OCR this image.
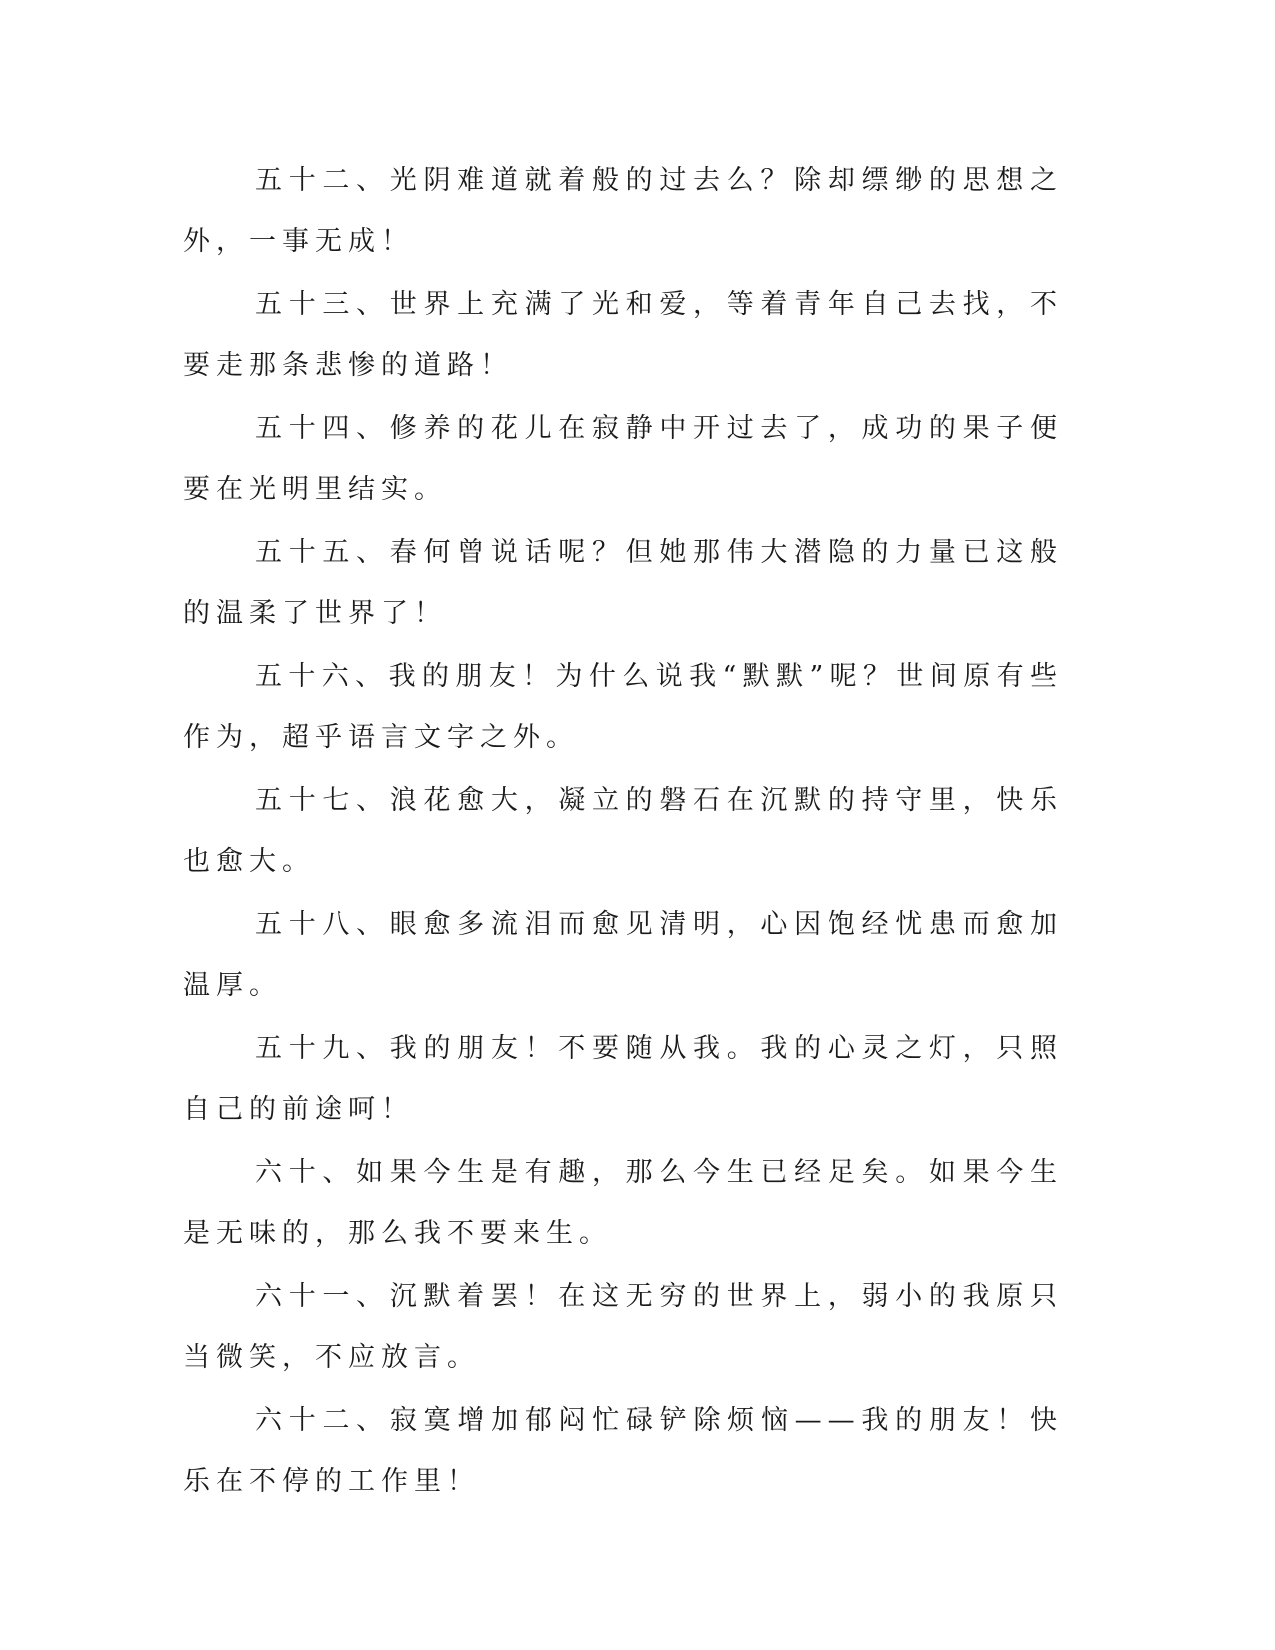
五十二、光阴难道就着般的过去么？除却缥缈的思想之外，一事无成！

五十三、世界上充满了光和爱，等着青年自己去找，不要走那条悲惨的道路！

五十四、修养的花儿在寂静中开过去了，成功的果子便要在光明里结实。

五十五、春何曾说话呢？但她那伟大潜隐的力量已这般的温柔了世界了！

五十六、我的朋友！为什么说我“默默”呢？世间原有些作为，超乎语言文字之外。

五十七、浪花愈大，凝立的磐石在沉默的持守里，快乐也愈大。

五十八、眼愈多流泪而愈见清明，心因饱经忧患而愈加温厚。

五十九、我的朋友！不要随从我。我的心灵之灯，只照自己的前途呵！

六十、如果今生是有趣，那么今生已经足矣。如果今生是无味的，那么我不要来生。

六十一、沉默着罢！在这无穷的世界上，弱小的我原只当微笑，不应放言。

六十二、寂寞增加郁闷忙碌铲除烦恼——我的朋友！快乐在不停的工作里！
